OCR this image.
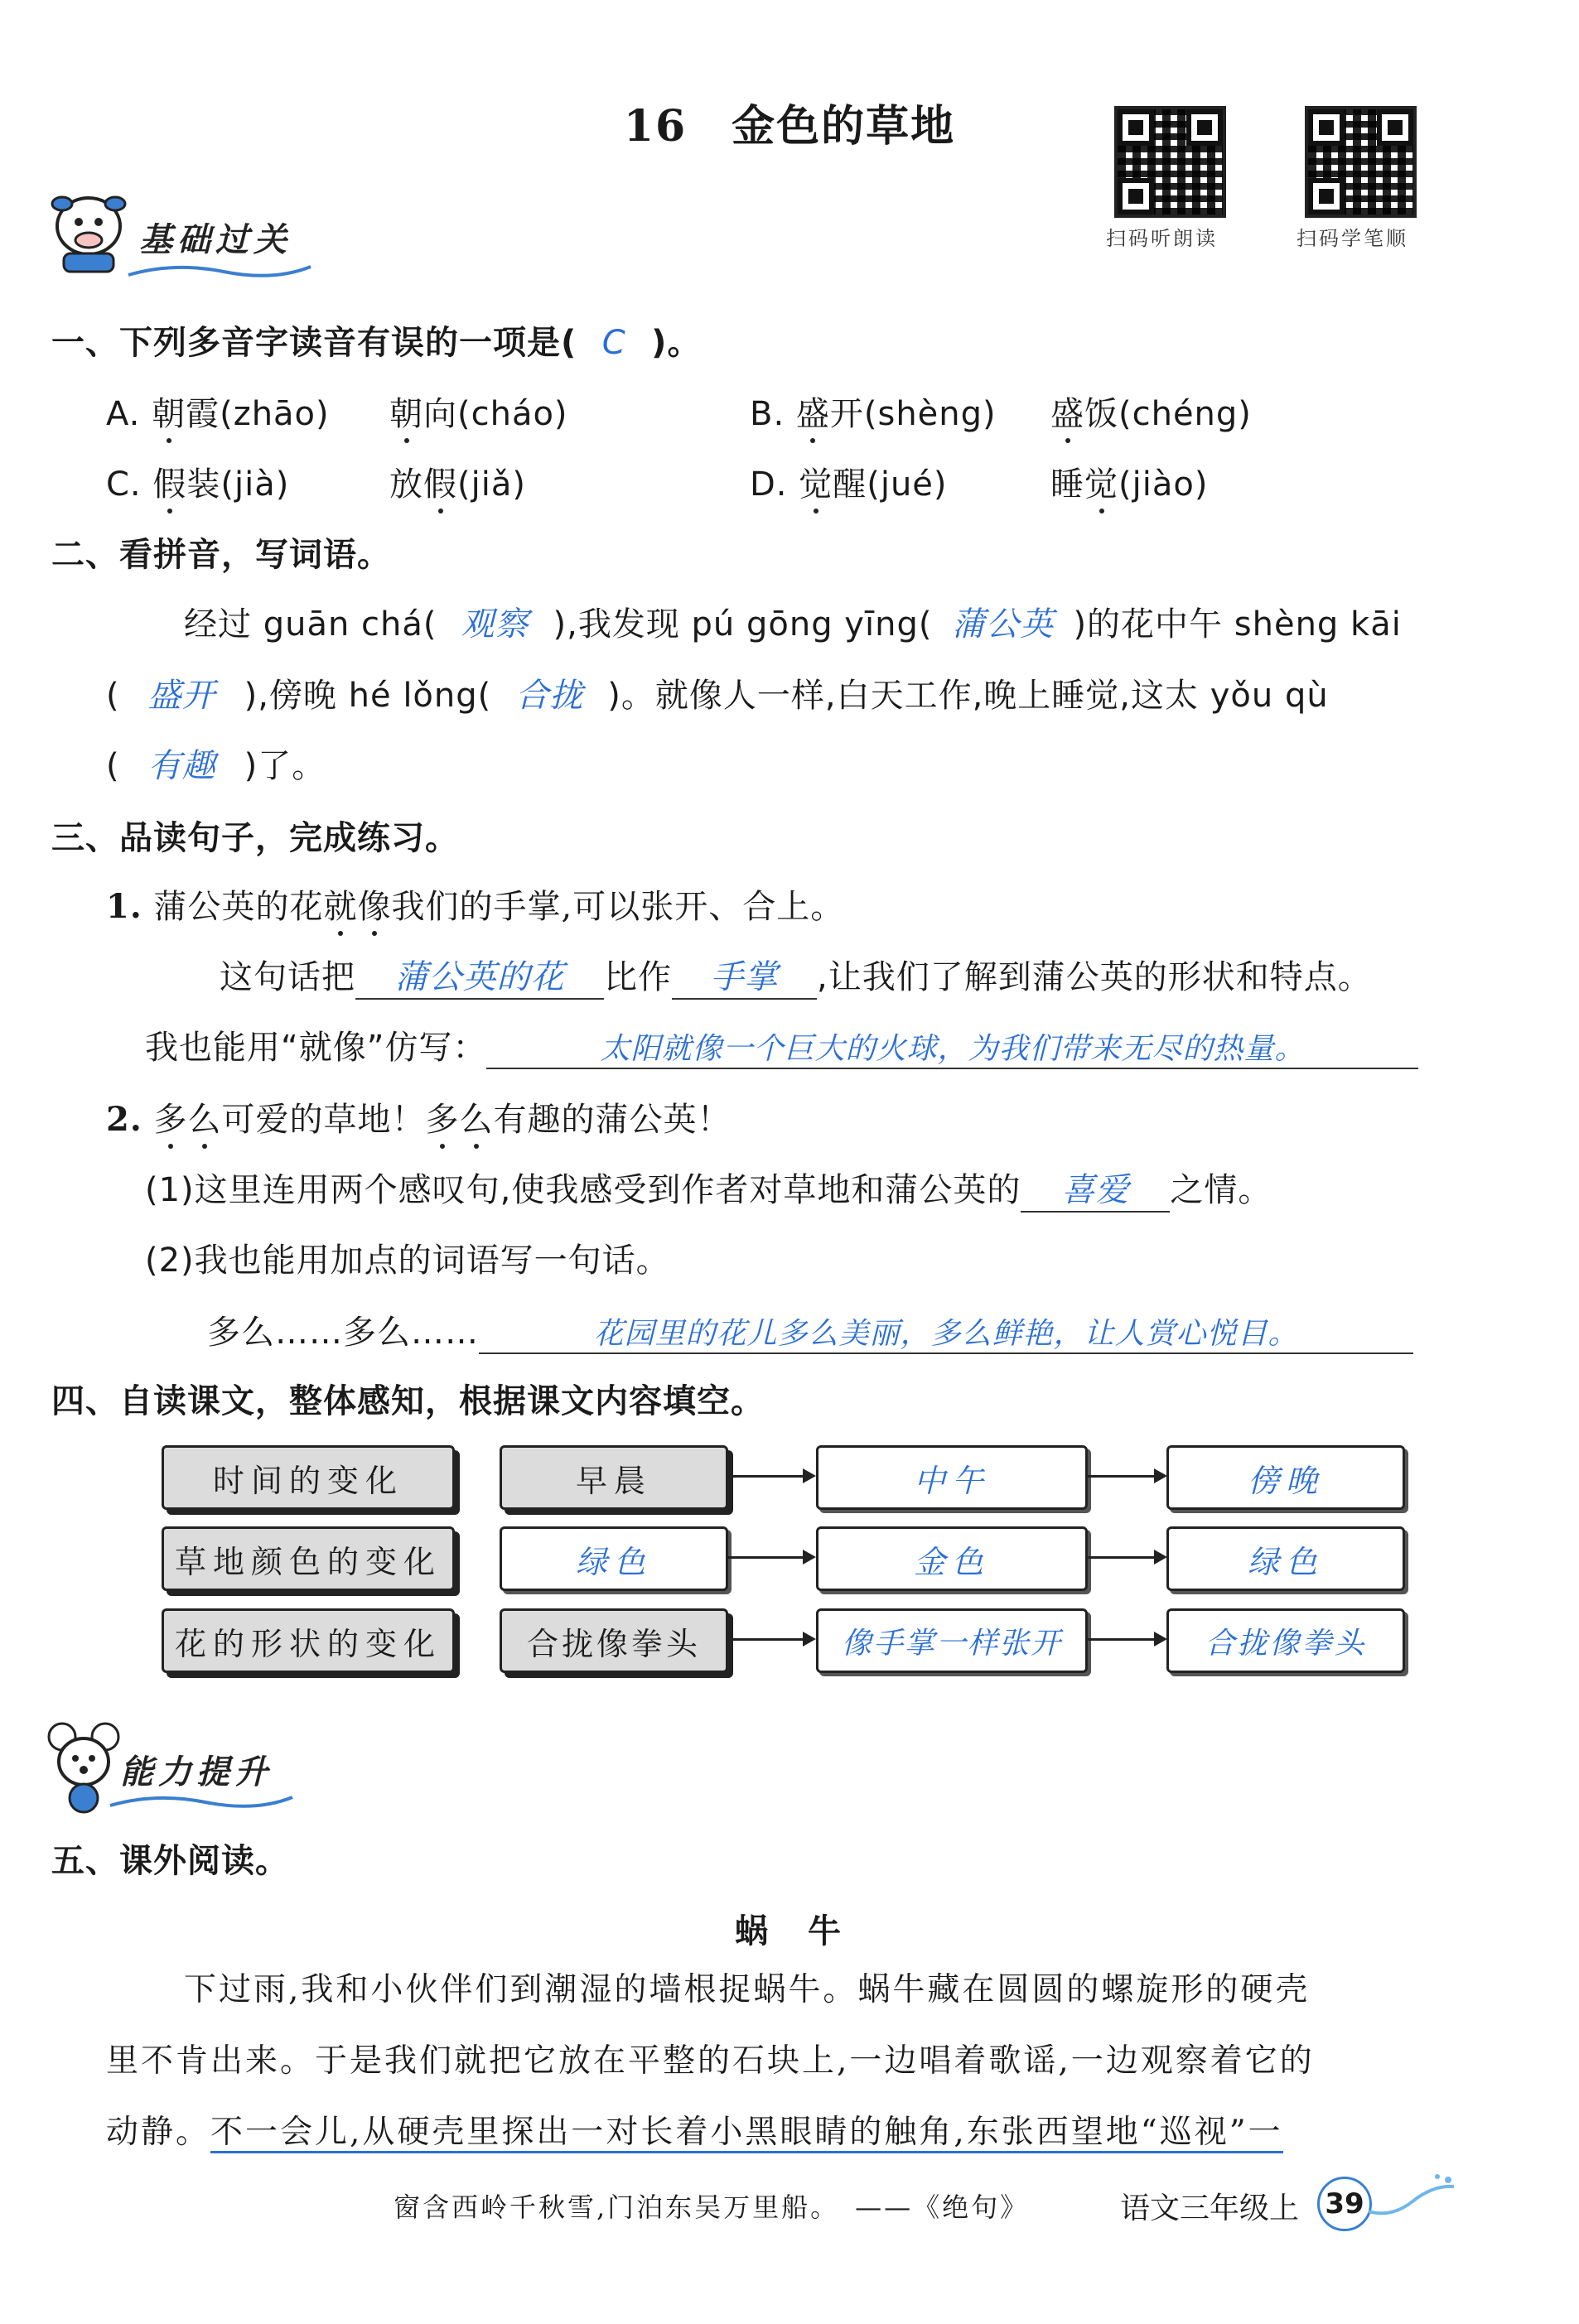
16　金色的草地
扫码听朗读	扫码学笔顺
基础过关
一、下列多音字读音有误的一项是( C )。
A. 朝霞(zhāo) 朝向(cháo)	B. 盛开(shèng) 盛饭(chéng)
C. 假装(jià)	放假(jiǎ)	D. 觉醒(jué)	睡觉(jiào)
二、看拼音，写词语。
经过 guān chá( 观察 ),我发现 pú gōng yīng( 蒲公英 )的花中午 shèng kāi
( 盛开 ),傍晚 hé lǒng( 合拢 )。就像人一样,白天工作,晚上睡觉,这太 yǒu qù
( 有趣 )了。
三、品读句子，完成练习。
1. 蒲公英的花就像我们的手掌,可以张开、合上。
这句话把 蒲公英的花 比作 手掌 ,让我们了解到蒲公英的形状和特点。
我也能用“就像”仿写：	太阳就像一个巨大的火球，为我们带来无尽的热量。
2. 多么可爱的草地！多么有趣的蒲公英！
(1)这里连用两个感叹句,使我感受到作者对草地和蒲公英的 喜爱 之情。
(2)我也能用加点的词语写一句话。
多么……多么……	花园里的花儿多么美丽，多么鲜艳，让人赏心悦目。
四、自读课文，整体感知，根据课文内容填空。
时间的变化	早晨	中午	傍晚
草地颜色的变化	绿色	金色	绿色
花的形状的变化	合拢像拳头	像手掌一样张开	合拢像拳头
能力提升
五、课外阅读。
蜗　牛
下过雨,我和小伙伴们到潮湿的墙根捉蜗牛。蜗牛藏在圆圆的螺旋形的硬壳
里不肯出来。于是我们就把它放在平整的石块上,一边唱着歌谣,一边观察着它的
动静。不一会儿,从硬壳里探出一对长着小黑眼睛的触角,东张西望地“巡视”一
窗含西岭千秋雪,门泊东吴万里船。　——《绝句》	语文三年级上 39
